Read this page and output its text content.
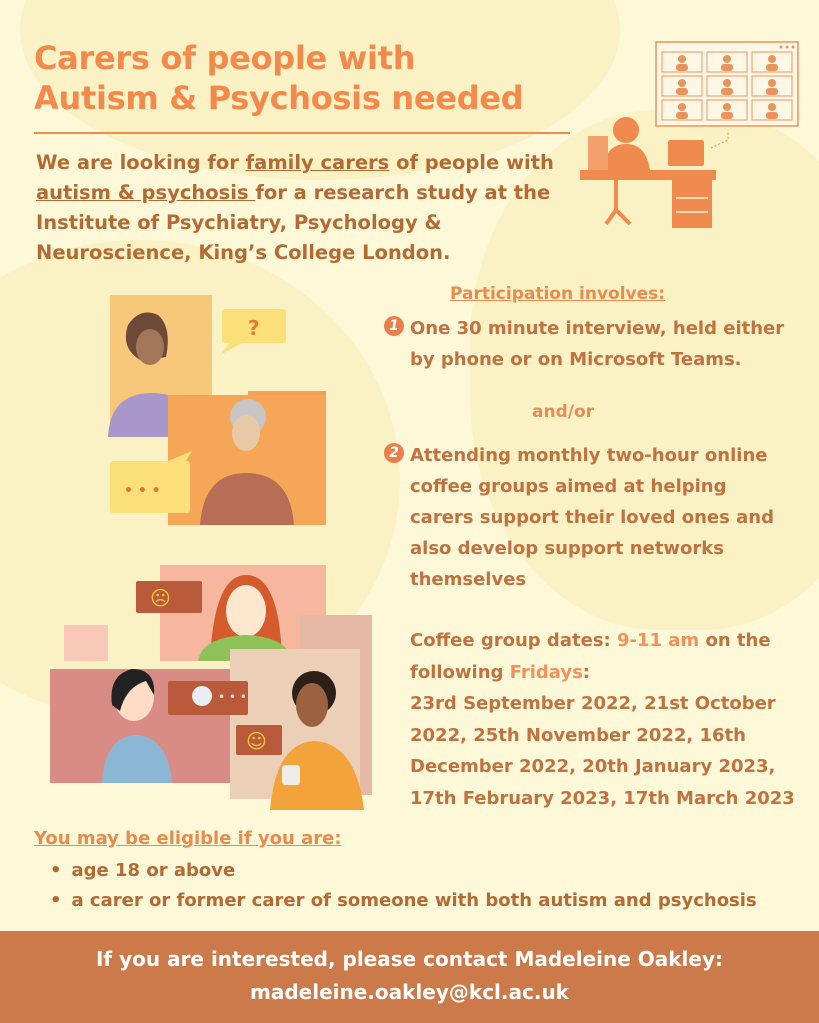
Carers of people with
Autism & Psychosis needed
We are looking for family carers of people with autism & psychosis for a research study at the Institute of Psychiatry, Psychology & Neuroscience, King’s College London.
?
• • •
☹
• • •
☺
Participation involves:
1 One 30 minute interview, held either by phone or on Microsoft Teams.
and/or
2 Attending monthly two-hour online coffee groups aimed at helping carers support their loved ones and also develop support networks themselves
Coffee group dates: 9-11 am on the following Fridays:
23rd September 2022, 21st October 2022, 25th November 2022, 16th December 2022, 20th January 2023, 17th February 2023, 17th March 2023
You may be eligible if you are:
• age 18 or above
• a carer or former carer of someone with both autism and psychosis
If you are interested, please contact Madeleine Oakley:
madeleine.oakley@kcl.ac.uk
